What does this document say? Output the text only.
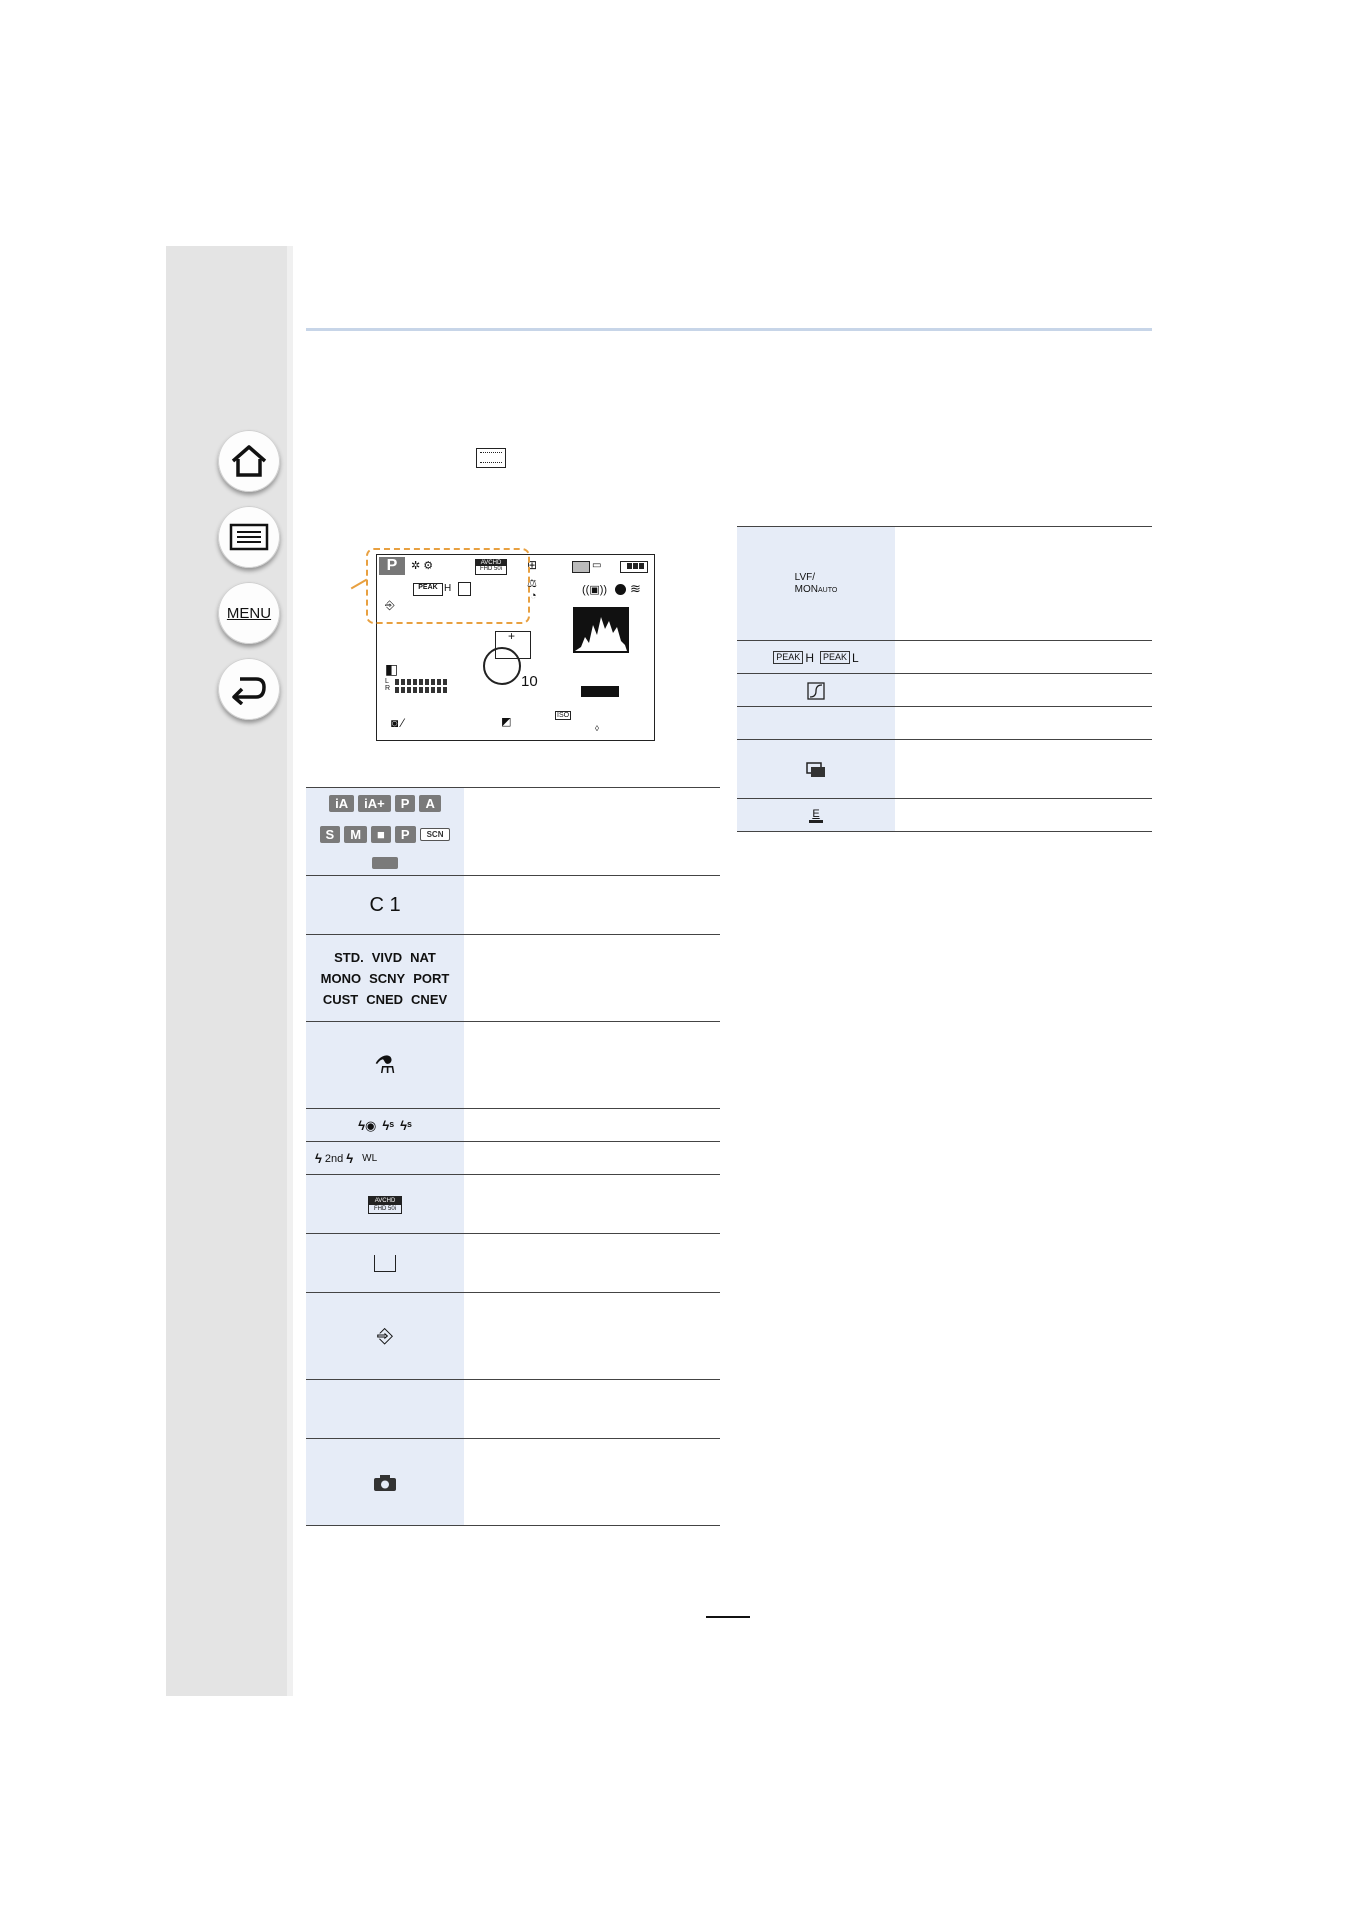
MENU
P	✲ ⚙	AVCHD
FHD 50i	⊞	▭
PEAK H	⚖
◔	((▣)) ≋
⎆
+
10
◧
L
R
◙ ⁄	◩
ISO
◊
iA	iA+	P	A
S	M	■	P	SCN
C 1
STD. VIVD NAT
MONO SCNY PORT
CUST CNED CNEV
⚗
ϟ◉ ϟˢ ϟˢ
ϟ 2nd ϟ WL
AVCHD
FHD 50i
⎆
LVF/
MONAUTO
PEAK H	PEAK L
E
